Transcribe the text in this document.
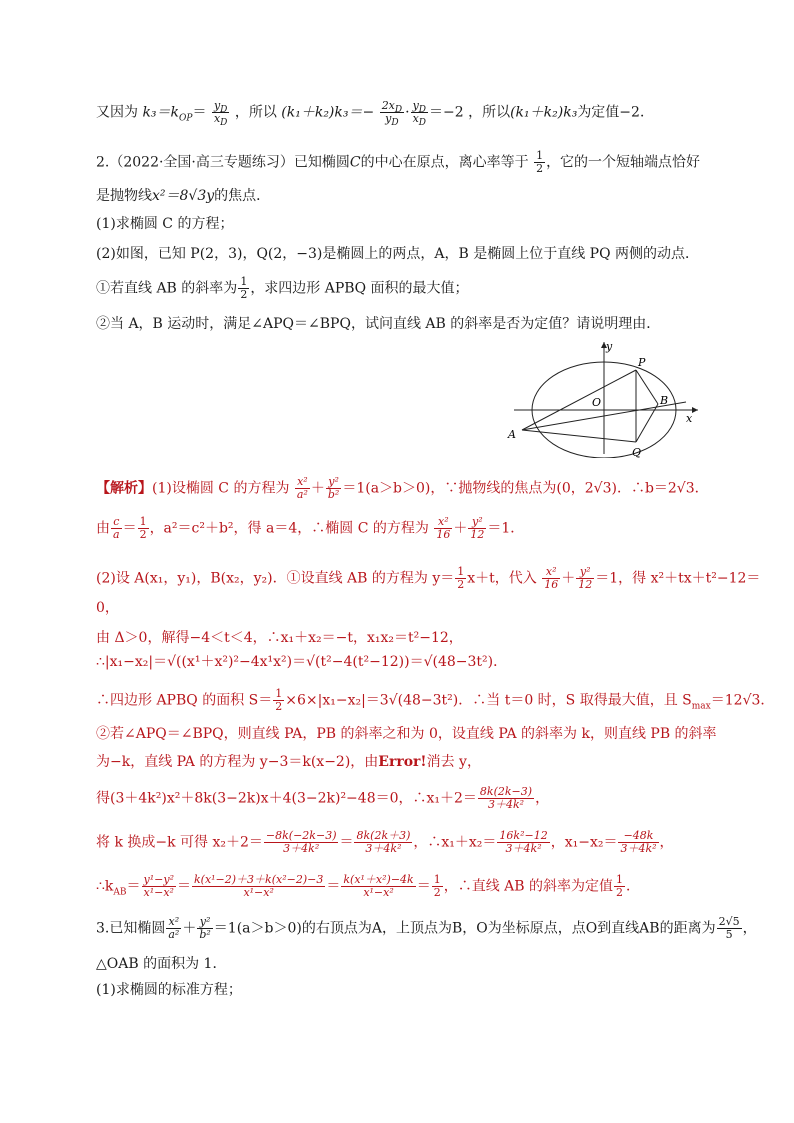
又因为 $k_3=k_{OP}= \frac{y_D}{x_D}$ ，所以 $(k_1+k_2)k_3=- \frac{2x_D}{y_D} \cdot \frac{y_D}{x_D} =-2$ ，所以(k₁＋k₂)k₃为定值−2．
2.（2022·全国·高三专题练习）已知椭圆C的中心在原点，离心率等于 $\frac{1}{2}$ ，它的一个短轴端点恰好
是抛物线x²＝8√3y的焦点．
(1)求椭圆 C 的方程；
(2)如图，已知 P(2，3)，Q(2，−3)是椭圆上的两点，A，B 是椭圆上位于直线 PQ 两侧的动点．
①若直线 AB 的斜率为 $\frac{1}{2}$ ，求四边形 APBQ 面积的最大值；
②当 A，B 运动时，满足∠APQ＝∠BPQ，试问直线 AB 的斜率是否为定值？请说明理由．
y
x
O
P
Q
A
B
【解析】(1)设椭圆 C 的方程为 $\frac{\text{x²}}{\text{a²}} + \frac{\text{y²}}{\text{b²}} =1(a>b>0)$，∵抛物线的焦点为(0，2√3)．∴b＝2√3．
由 $\frac{c}{a} = \frac{1}{2}$ ，a²＝c²＋b²，得 a＝4，∴椭圆 C 的方程为 $\frac{\text{x²}}{16} + \frac{\text{y²}}{12} =1$．
(2)设 A(x₁，y₁)，B(x₂，y₂)．①设直线 AB 的方程为 $y= \frac{1}{2} x+t$，代入 $\frac{\text{x²}}{16} + \frac{\text{y²}}{12} =1$，得 x²＋tx＋t²−12＝
0，
由 Δ＞0，解得−4＜t＜4，∴x₁＋x₂＝−t，x₁x₂＝t²−12，
∴|x₁−x₂|＝√((x¹＋x²)²−4x¹x²)＝√(t²−4(t²−12))＝√(48−3t²)．
∴四边形 APBQ 的面积 $S= \frac{1}{2} \times 6\times|x_1-x_2|=3√(48-3t^2)$．∴当 t＝0 时，S 取得最大值，且 $S_{max}=12√3$．
②若∠APQ＝∠BPQ，则直线 PA，PB 的斜率之和为 0，设直线 PA 的斜率为 k，则直线 PB 的斜率
为−k，直线 PA 的方程为 y−3＝k(x−2)，由Error!消去 y，
得(3＋4k²)x²＋8k(3−2k)x＋4(3−2k)²−48＝0，∴x₁＋2＝ $\frac{8k(2k-3)}{\text{3＋4k²}}$ ，
将 k 换成−k 可得 $x_2+2= \frac{-8k(-2k-3)}{\text{3＋4k²}} = \frac{8k(2k+3)}{\text{3＋4k²}}$ ，∴x₁＋x₂＝ $\frac{\text{16k²−12}}{\text{3＋4k²}}$ ，$x_1-x_2= \frac{-48k}{\text{3＋4k²}}$ ，
$\therefore k_{AB}= \frac{\text{y¹−y²}}{\text{x¹−x²}} = \frac{\text{k(x¹−2)＋3＋k(x²−2)−3}}{\text{x¹−x²}} = \frac{\text{k(x¹＋x²)−4k}}{\text{x¹−x²}} = \frac{1}{2}$ ，∴直线 AB 的斜率为定值 $\frac{1}{2}$ ．
3.已知椭圆 $\frac{\text{x²}}{\text{a²}} + \frac{\text{y²}}{\text{b²}} =1(a>b>0)$的右顶点为A，上顶点为B，O为坐标原点，点O到直线AB的距离为 $\frac{2√5}{5}$ ，
△OAB 的面积为 1．
(1)求椭圆的标准方程；
